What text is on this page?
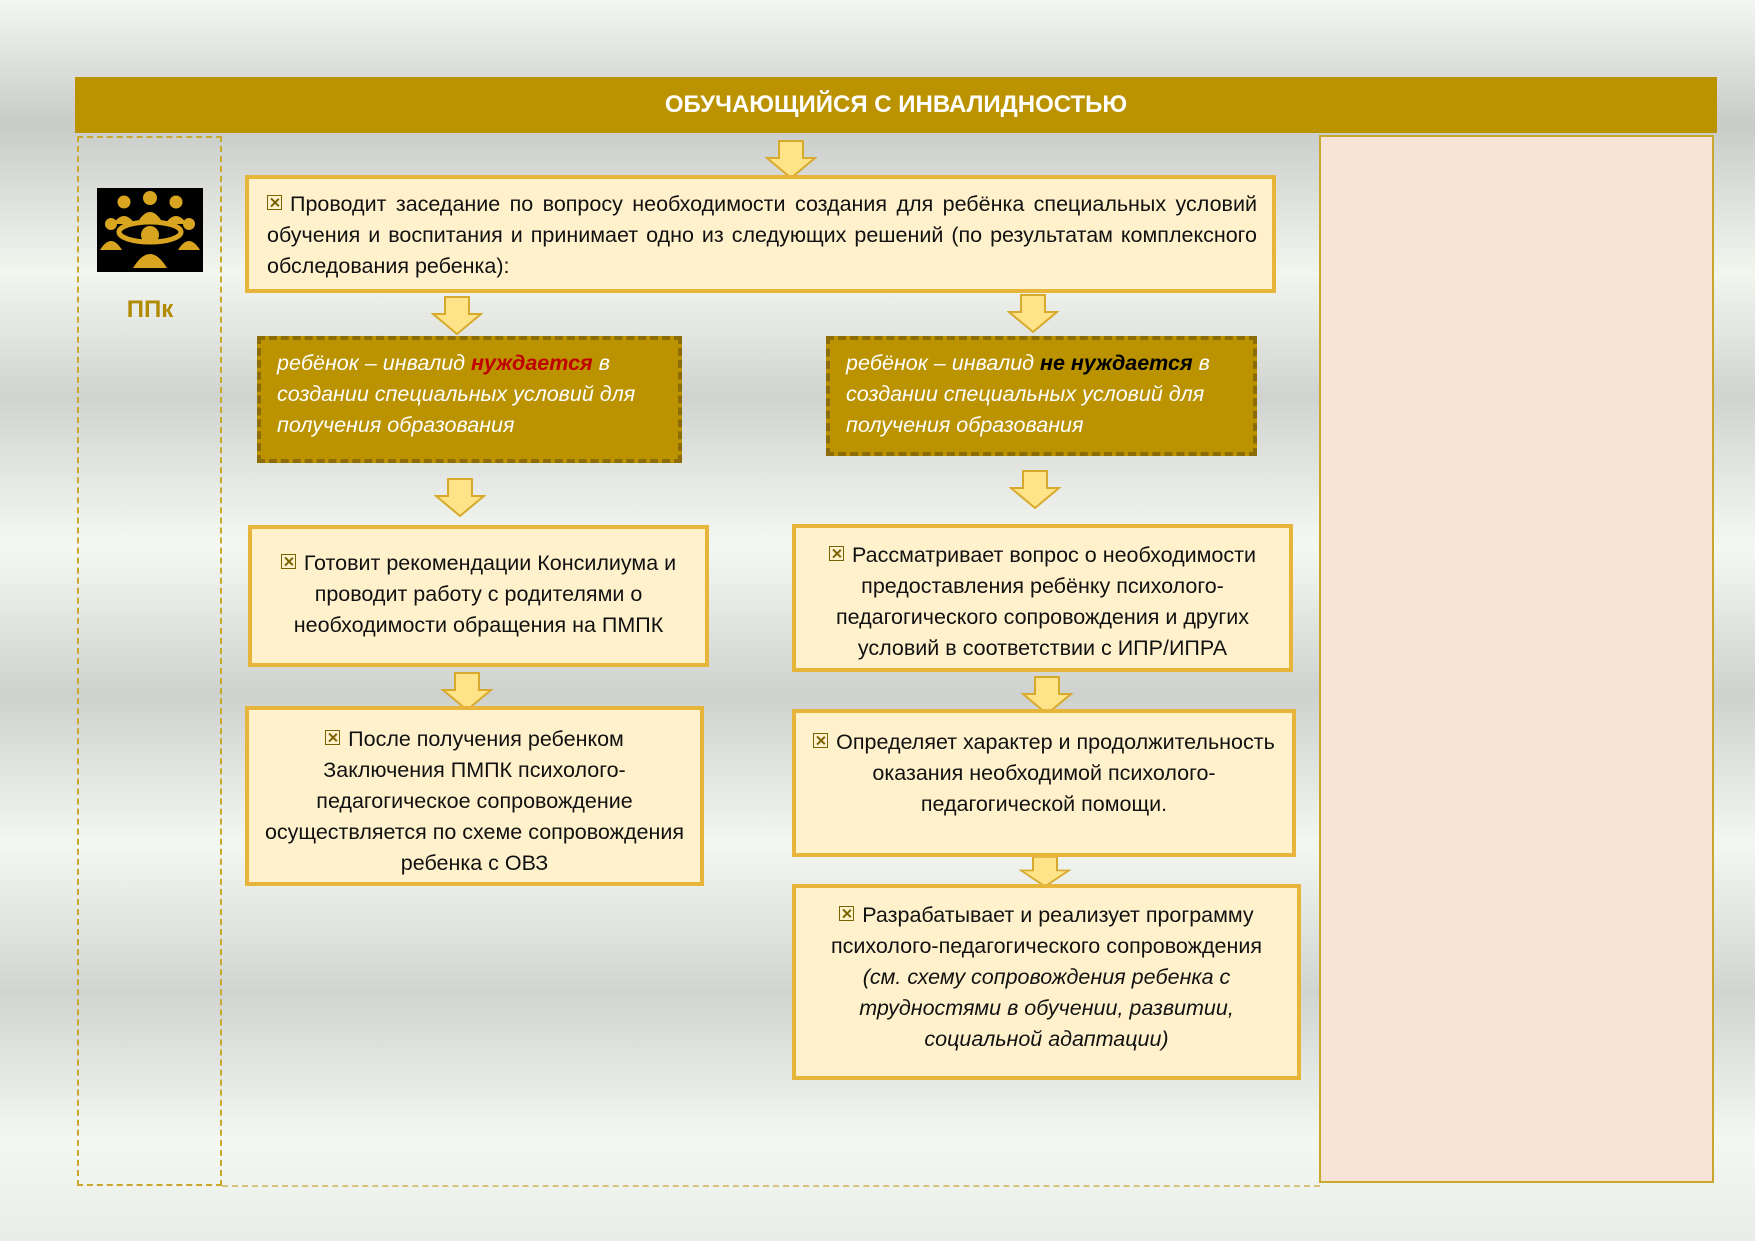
ОБУЧАЮЩИЙСЯ С ИНВАЛИДНОСТЬЮ
ППк
Проводит заседание по вопросу необходимости создания для ребёнка специальных условий обучения и воспитания и принимает одно из следующих решений (по результатам комплексного обследования ребенка):
ребёнок – инвалид нуждается в создании специальных условий для получения образования
ребёнок – инвалид не нуждается в создании специальных условий для получения образования
Готовит рекомендации Консилиума и проводит работу с родителями о необходимости обращения на ПМПК
После получения ребенком Заключения ПМПК психолого-педагогическое сопровождение осуществляется по схеме сопровождения ребенка с ОВЗ
Рассматривает вопрос о необходимости предоставления ребёнку психолого-педагогического сопровождения и других условий в соответствии с ИПР/ИПРА
Определяет характер и продолжительность оказания необходимой психолого-педагогической помощи.
Разрабатывает и реализует программу психолого-педагогического сопровождения (см. схему сопровождения ребенка с трудностями в обучении, развитии, социальной адаптации)
